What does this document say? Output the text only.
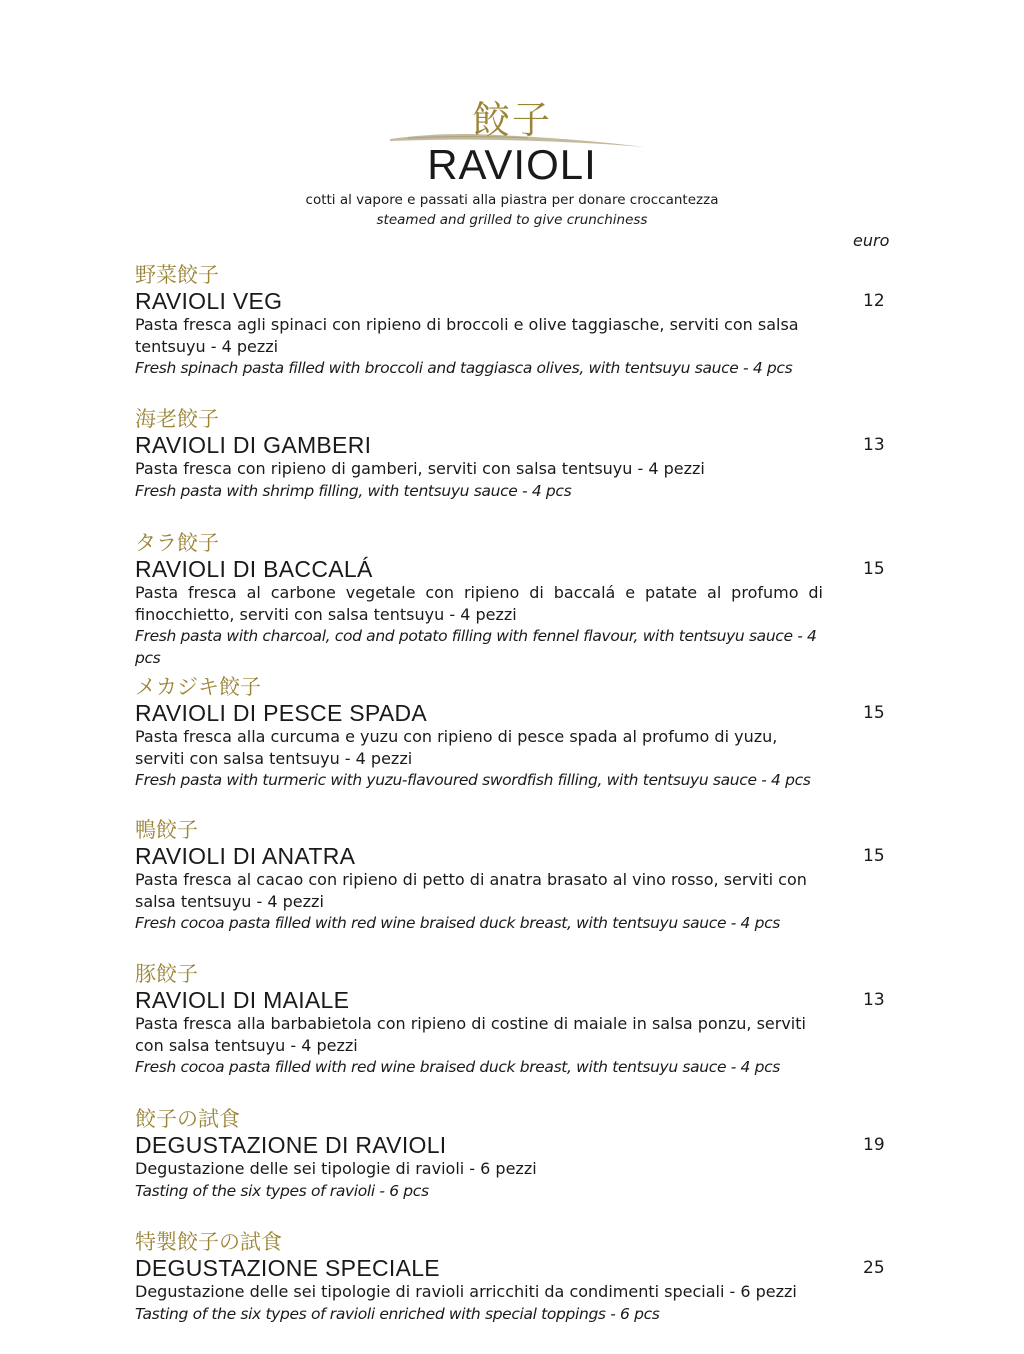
餃子
RAVIOLI
cotti al vapore e passati alla piastra per donare croccantezza
steamed and grilled to give crunchiness
euro
野菜餃子
RAVIOLI VEG
Pasta fresca agli spinaci con ripieno di broccoli e olive taggiasche, serviti con salsa tentsuyu - 4 pezzi
Fresh spinach pasta filled with broccoli and taggiasca olives, with tentsuyu sauce - 4 pcs
12
海老餃子
RAVIOLI DI GAMBERI
Pasta fresca con ripieno di gamberi, serviti con salsa tentsuyu - 4 pezzi
Fresh pasta with shrimp filling, with tentsuyu sauce - 4 pcs
13
タラ餃子
RAVIOLI DI BACCALÁ
Pasta fresca al carbone vegetale con ripieno di baccalá e patate al profumo di finocchietto, serviti con salsa tentsuyu - 4 pezzi
Fresh pasta with charcoal, cod and potato filling with fennel flavour, with tentsuyu sauce - 4 pcs
15
メカジキ餃子
RAVIOLI DI PESCE SPADA
Pasta fresca alla curcuma e yuzu con ripieno di pesce spada al profumo di yuzu, serviti con salsa tentsuyu - 4 pezzi
Fresh pasta with turmeric with yuzu-flavoured swordfish filling, with tentsuyu sauce - 4 pcs
15
鴨餃子
RAVIOLI DI ANATRA
Pasta fresca al cacao con ripieno di petto di anatra brasato al vino rosso, serviti con salsa tentsuyu - 4 pezzi
Fresh cocoa pasta filled with red wine braised duck breast, with tentsuyu sauce - 4 pcs
15
豚餃子
RAVIOLI DI MAIALE
Pasta fresca alla barbabietola con ripieno di costine di maiale in salsa ponzu, serviti con salsa tentsuyu - 4 pezzi
Fresh cocoa pasta filled with red wine braised duck breast, with tentsuyu sauce - 4 pcs
13
餃子の試食
DEGUSTAZIONE DI RAVIOLI
Degustazione delle sei tipologie di ravioli - 6 pezzi
Tasting of the six types of ravioli - 6 pcs
19
特製餃子の試食
DEGUSTAZIONE SPECIALE
Degustazione delle sei tipologie di ravioli arricchiti da condimenti speciali - 6 pezzi
Tasting of the six types of ravioli enriched with special toppings - 6 pcs
25
